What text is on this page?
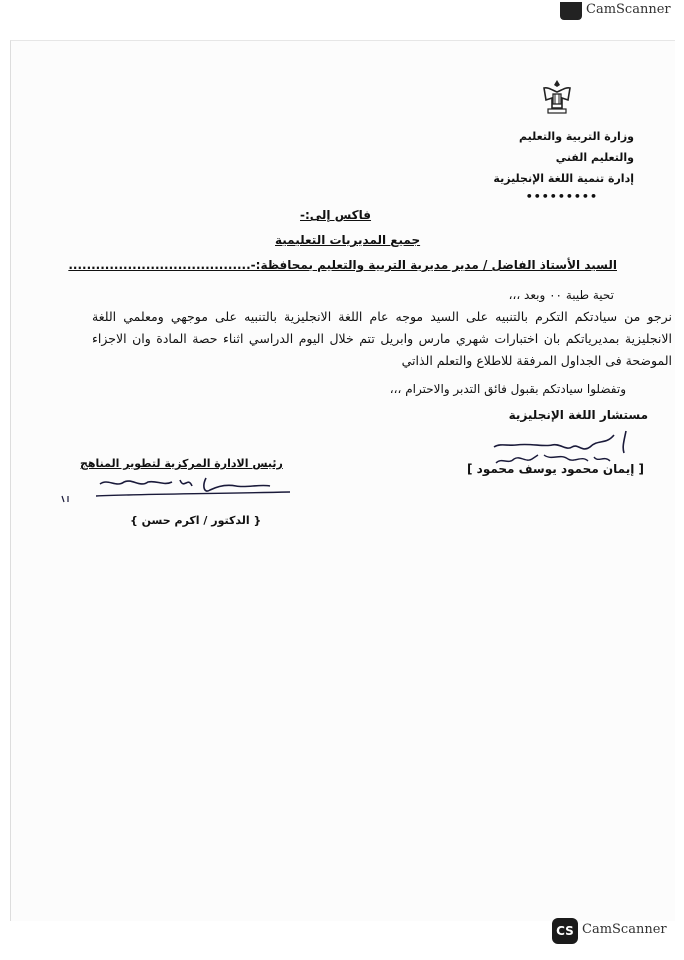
CamScanner
وزارة التربية والتعليم
والتعليم الفني
إدارة تنمية اللغة الإنجليزية
•••••••••
فاكس إلى:-
جميع المديريات التعليمية
السيد الأستاذ الفاضل / مدير مديرية التربية والتعليم بمحافظة:-........................................
تحية طيبة ۰۰ وبعد ،،،
نرجو من سيادتكم التكرم بالتنبيه على السيد موجه عام اللغة الانجليزية بالتنبيه على موجهي ومعلمي اللغة الانجليزية بمديرياتكم بان اختبارات شهري مارس وابريل تتم خلال اليوم الدراسي اثناء حصة المادة وان الاجزاء الموضحة فى الجداول المرفقة للاطلاع والتعلم الذاتي
وتفضلوا سيادتكم بقبول فائق التدبر والاحترام ،،،
مستشار اللغة الإنجليزية
[ إيمان محمود يوسف محمود ]
رئيس الادارة المركزية لتطوير المناهج
{ الدكتور / اكرم حسن }
CS CamScanner
